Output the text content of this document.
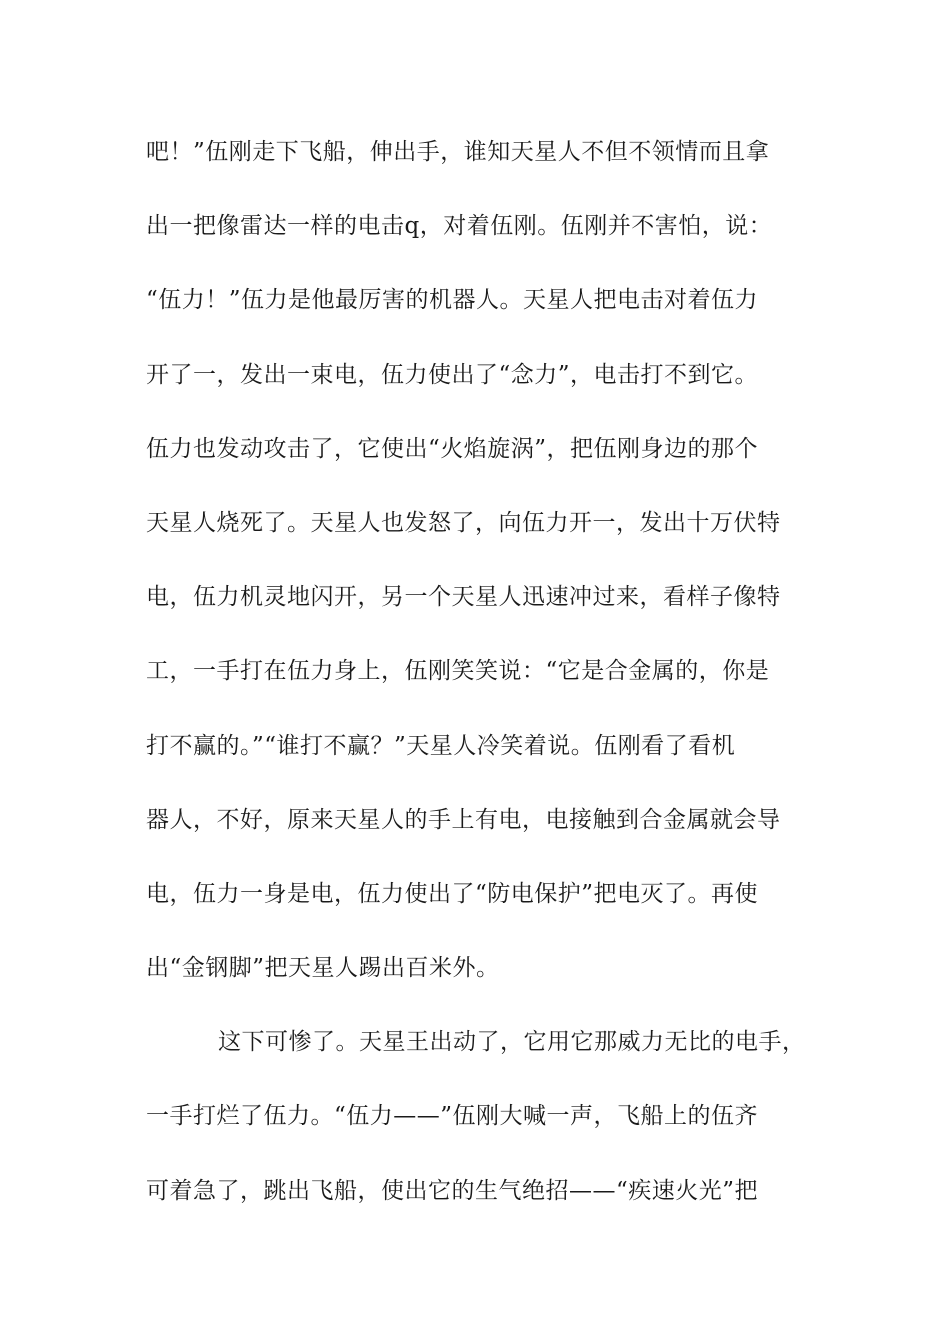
吧！”伍刚走下飞船，伸出手，谁知天星人不但不领情而且拿
出一把像雷达一样的电击q，对着伍刚。伍刚并不害怕，说：
“伍力！”伍力是他最厉害的机器人。天星人把电击对着伍力
开了一，发出一束电，伍力使出了“念力”，电击打不到它。
伍力也发动攻击了，它使出“火焰旋涡”，把伍刚身边的那个
天星人烧死了。天星人也发怒了，向伍力开一，发出十万伏特
电，伍力机灵地闪开，另一个天星人迅速冲过来，看样子像特
工，一手打在伍力身上，伍刚笑笑说：“它是合金属的，你是
打不赢的。”“谁打不赢？”天星人冷笑着说。伍刚看了看机
器人，不好，原来天星人的手上有电，电接触到合金属就会导
电，伍力一身是电，伍力使出了“防电保护”把电灭了。再使
出“金钢脚”把天星人踢出百米外。
这下可惨了。天星王出动了，它用它那威力无比的电手，
一手打烂了伍力。“伍力——”伍刚大喊一声，飞船上的伍齐
可着急了，跳出飞船，使出它的生气绝招——“疾速火光”把
